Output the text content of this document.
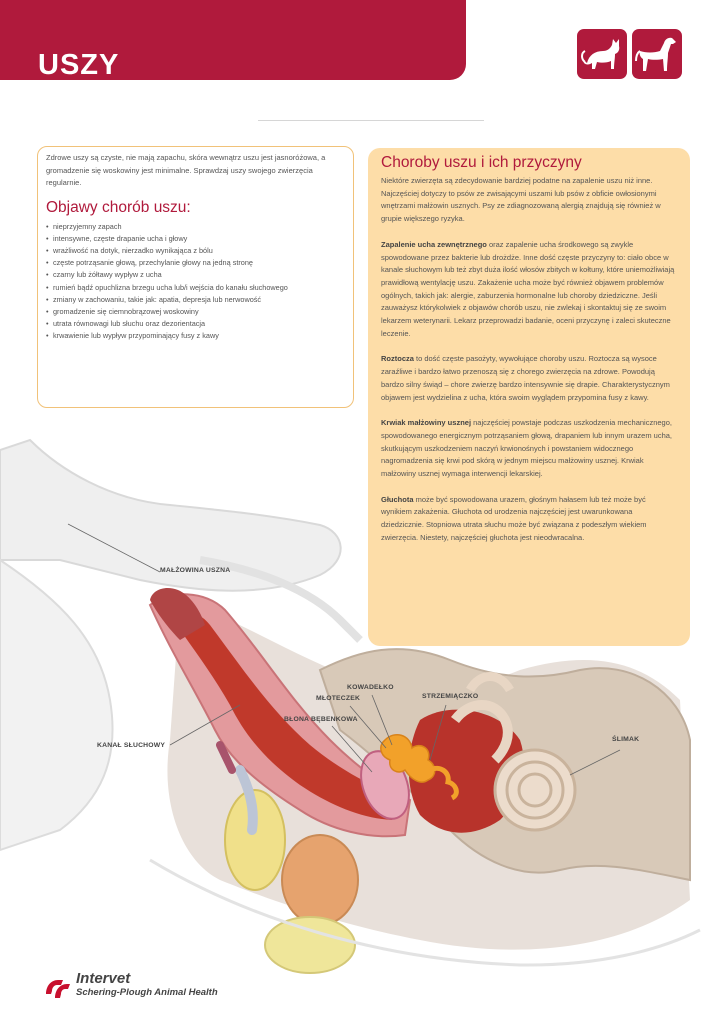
USZY
MAŁŻOWINA USZNA
KOWADEŁKO
MŁOTECZEK	STRZEMIĄCZKO
BŁONA BĘBENKOWA
KANAŁ SŁUCHOWY
ŚLIMAK

Zdrowe uszy są czyste, nie mają zapachu, skóra wewnątrz uszu jest jasnoróżowa, a gromadzenie się woskowiny jest minimalne. Sprawdzaj uszy swojego zwierzęcia regularnie.

Objawy chorób uszu:
• nieprzyjemny zapach
• intensywne, częste drapanie ucha i głowy
• wrażliwość na dotyk, nierzadko wynikająca z bólu
• częste potrząsanie głową, przechylanie głowy na jedną stronę
• czarny lub żółtawy wypływ z ucha
• rumień bądź opuchlizna brzegu ucha lub/i wejścia do kanału słuchowego
• zmiany w zachowaniu, takie jak: apatia, depresja lub nerwowość
• gromadzenie się ciemnobrązowej woskowiny
• utrata równowagi lub słuchu oraz dezorientacja
• krwawienie lub wypływ przypominający fusy z kawy
Choroby uszu i ich przyczyny

Niektóre zwierzęta są zdecydowanie bardziej podatne na zapalenie uszu niż inne. Najczęściej dotyczy to psów ze zwisającymi uszami lub psów z obficie owłosionymi wnętrzami małżowin usznych. Psy ze zdiagnozowaną alergią znajdują się również w grupie większego ryzyka.

Zapalenie ucha zewnętrznego oraz zapalenie ucha środkowego są zwykle spowodowane przez bakterie lub drożdże. Inne dość częste przyczyny to: ciało obce w kanale słuchowym lub też zbyt duża ilość włosów zbitych w kołtuny, które uniemożliwiają prawidłową wentylację uszu. Zakażenie ucha może być również objawem problemów ogólnych, takich jak: alergie, zaburzenia hormonalne lub choroby dziedziczne. Jeśli zauważysz którykolwiek z objawów chorób uszu, nie zwlekaj i skontaktuj się ze swoim lekarzem weterynarii. Lekarz przeprowadzi badanie, oceni przyczynę i zaleci skuteczne leczenie.

Roztocza to dość częste pasożyty, wywołujące choroby uszu. Roztocza są wysoce zaraźliwe i bardzo łatwo przenoszą się z chorego zwierzęcia na zdrowe. Powodują bardzo silny świąd – chore zwierzę bardzo intensywnie się drapie. Charakterystycznym objawem jest wydzielina z ucha, która swoim wyglądem przypomina fusy z kawy.

Krwiak małżowiny usznej najczęściej powstaje podczas uszkodzenia mechanicznego, spowodowanego energicznym potrząsaniem głową, drapaniem lub innym urazem ucha, skutkującym uszkodzeniem naczyń krwionośnych i powstaniem widocznego nagromadzenia się krwi pod skórą w jednym miejscu małżowiny usznej. Krwiak małżowiny usznej wymaga interwencji lekarskiej.

Głuchota może być spowodowana urazem, głośnym hałasem lub też może być wynikiem zakażenia. Głuchota od urodzenia najczęściej jest uwarunkowana dziedzicznie. Stopniowa utrata słuchu może być związana z podeszłym wiekiem zwierzęcia. Niestety, najczęściej głuchota jest nieodwracalna.

Intervet
Schering-Plough Animal Health
